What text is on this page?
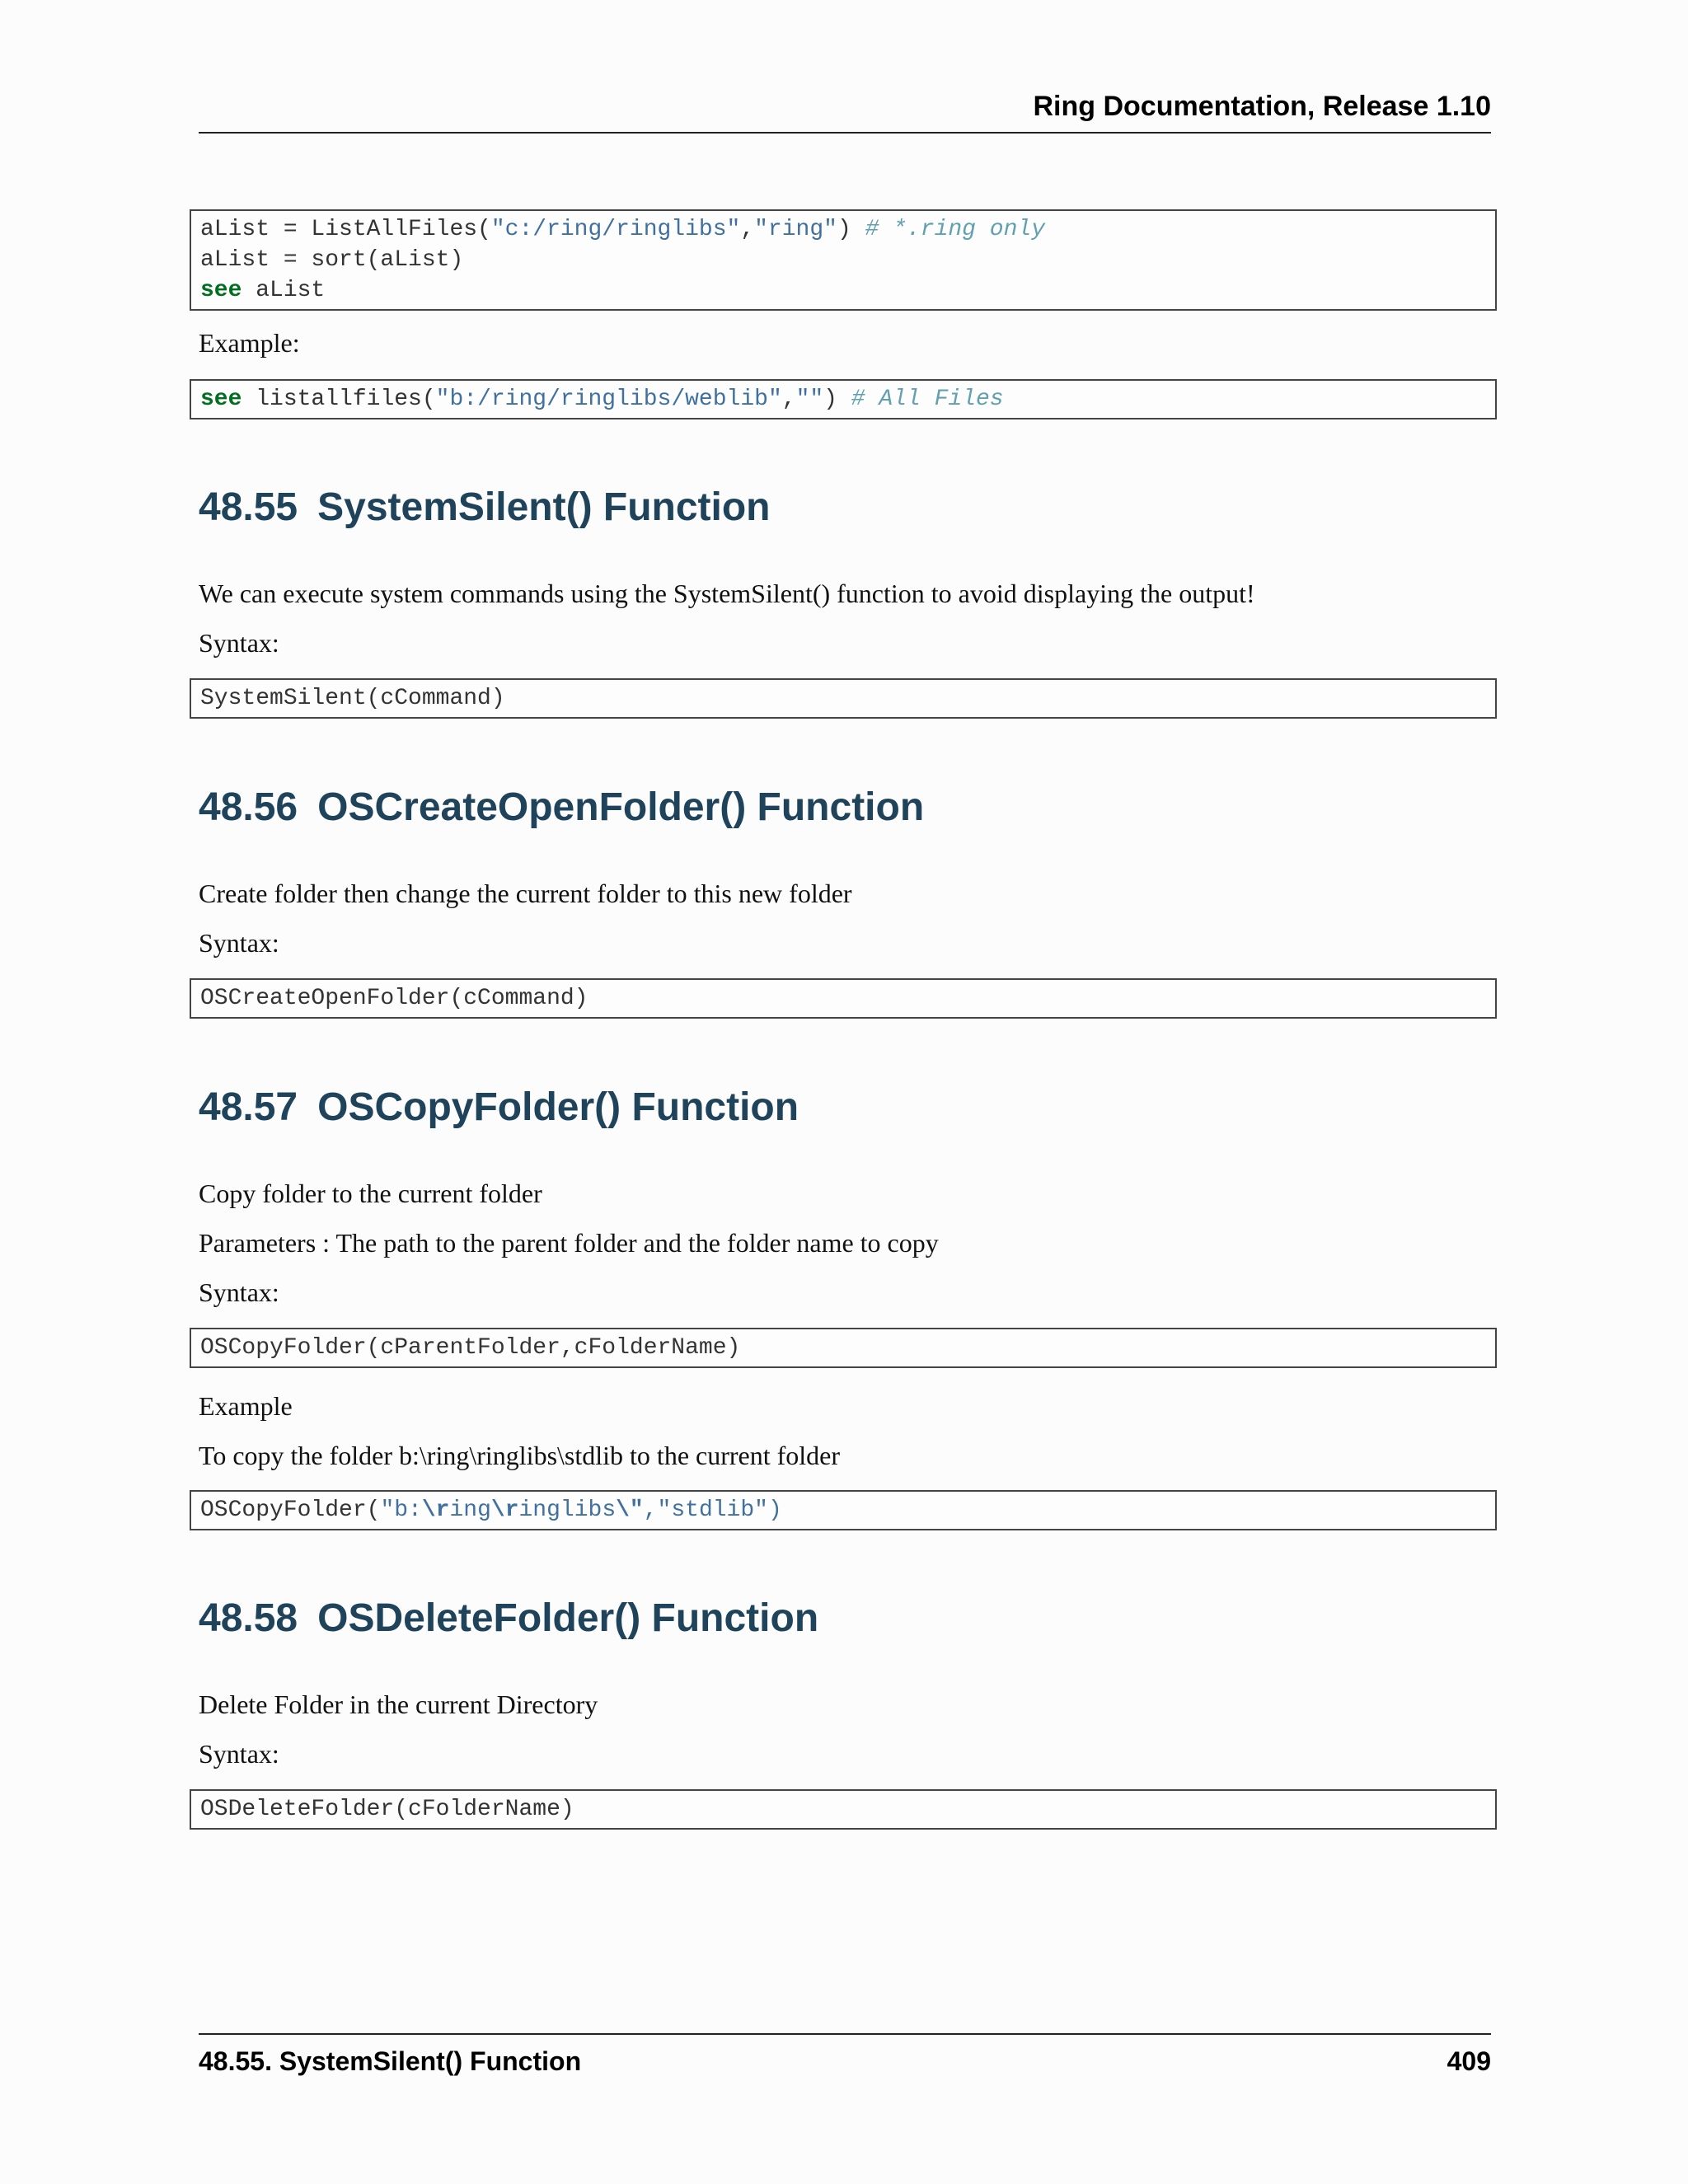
Ring Documentation, Release 1.10
aList = ListAllFiles("c:/ring/ringlibs","ring") # *.ring only
aList = sort(aList)
see aList
Example:
see listallfiles("b:/ring/ringlibs/weblib","") # All Files
48.55 SystemSilent() Function
We can execute system commands using the SystemSilent() function to avoid displaying the output!
Syntax:
SystemSilent(cCommand)
48.56 OSCreateOpenFolder() Function
Create folder then change the current folder to this new folder
Syntax:
OSCreateOpenFolder(cCommand)
48.57 OSCopyFolder() Function
Copy folder to the current folder
Parameters : The path to the parent folder and the folder name to copy
Syntax:
OSCopyFolder(cParentFolder,cFolderName)
Example
To copy the folder b:\ring\ringlibs\stdlib to the current folder
OSCopyFolder("b:\ring\ringlibs\","stdlib")
48.58 OSDeleteFolder() Function
Delete Folder in the current Directory
Syntax:
OSDeleteFolder(cFolderName)
48.55. SystemSilent() Function	409
